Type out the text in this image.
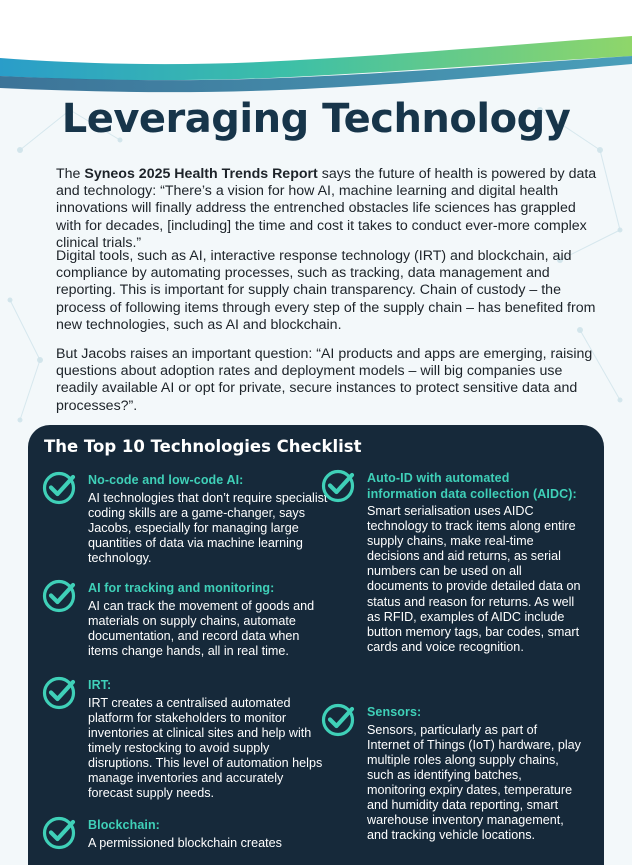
Leveraging Technology

The Syneos 2025 Health Trends Report says the future of health is powered by data and technology: “There’s a vision for how AI, machine learning and digital health innovations will finally address the entrenched obstacles life sciences has grappled with for decades, [including] the time and cost it takes to conduct ever-more complex clinical trials.”

Digital tools, such as AI, interactive response technology (IRT) and blockchain, aid compliance by automating processes, such as tracking, data management and reporting. This is important for supply chain transparency. Chain of custody – the process of following items through every step of the supply chain – has benefited from new technologies, such as AI and blockchain.

But Jacobs raises an important question: “AI products and apps are emerging, raising questions about adoption rates and deployment models – will big companies use readily available AI or opt for private, secure instances to protect sensitive data and processes?”.

The Top 10 Technologies Checklist

No-code and low-code AI:

AI technologies that don’t require specialist coding skills are a game-changer, says Jacobs, especially for managing large quantities of data via machine learning technology.

AI for tracking and monitoring:

AI can track the movement of goods and materials on supply chains, automate documentation, and record data when items change hands, all in real time.

IRT:

IRT creates a centralised automated platform for stakeholders to monitor inventories at clinical sites and help with timely restocking to avoid supply disruptions. This level of automation helps manage inventories and accurately forecast supply needs.

Blockchain:

A permissioned blockchain creates

Auto-ID with automated information data collection (AIDC):

Smart serialisation uses AIDC technology to track items along entire supply chains, make real-time decisions and aid returns, as serial numbers can be used on all documents to provide detailed data on status and reason for returns. As well as RFID, examples of AIDC include button memory tags, bar codes, smart cards and voice recognition.

Sensors:

Sensors, particularly as part of Internet of Things (IoT) hardware, play multiple roles along supply chains, such as identifying batches, monitoring expiry dates, temperature and humidity data reporting, smart warehouse inventory management, and tracking vehicle locations.
